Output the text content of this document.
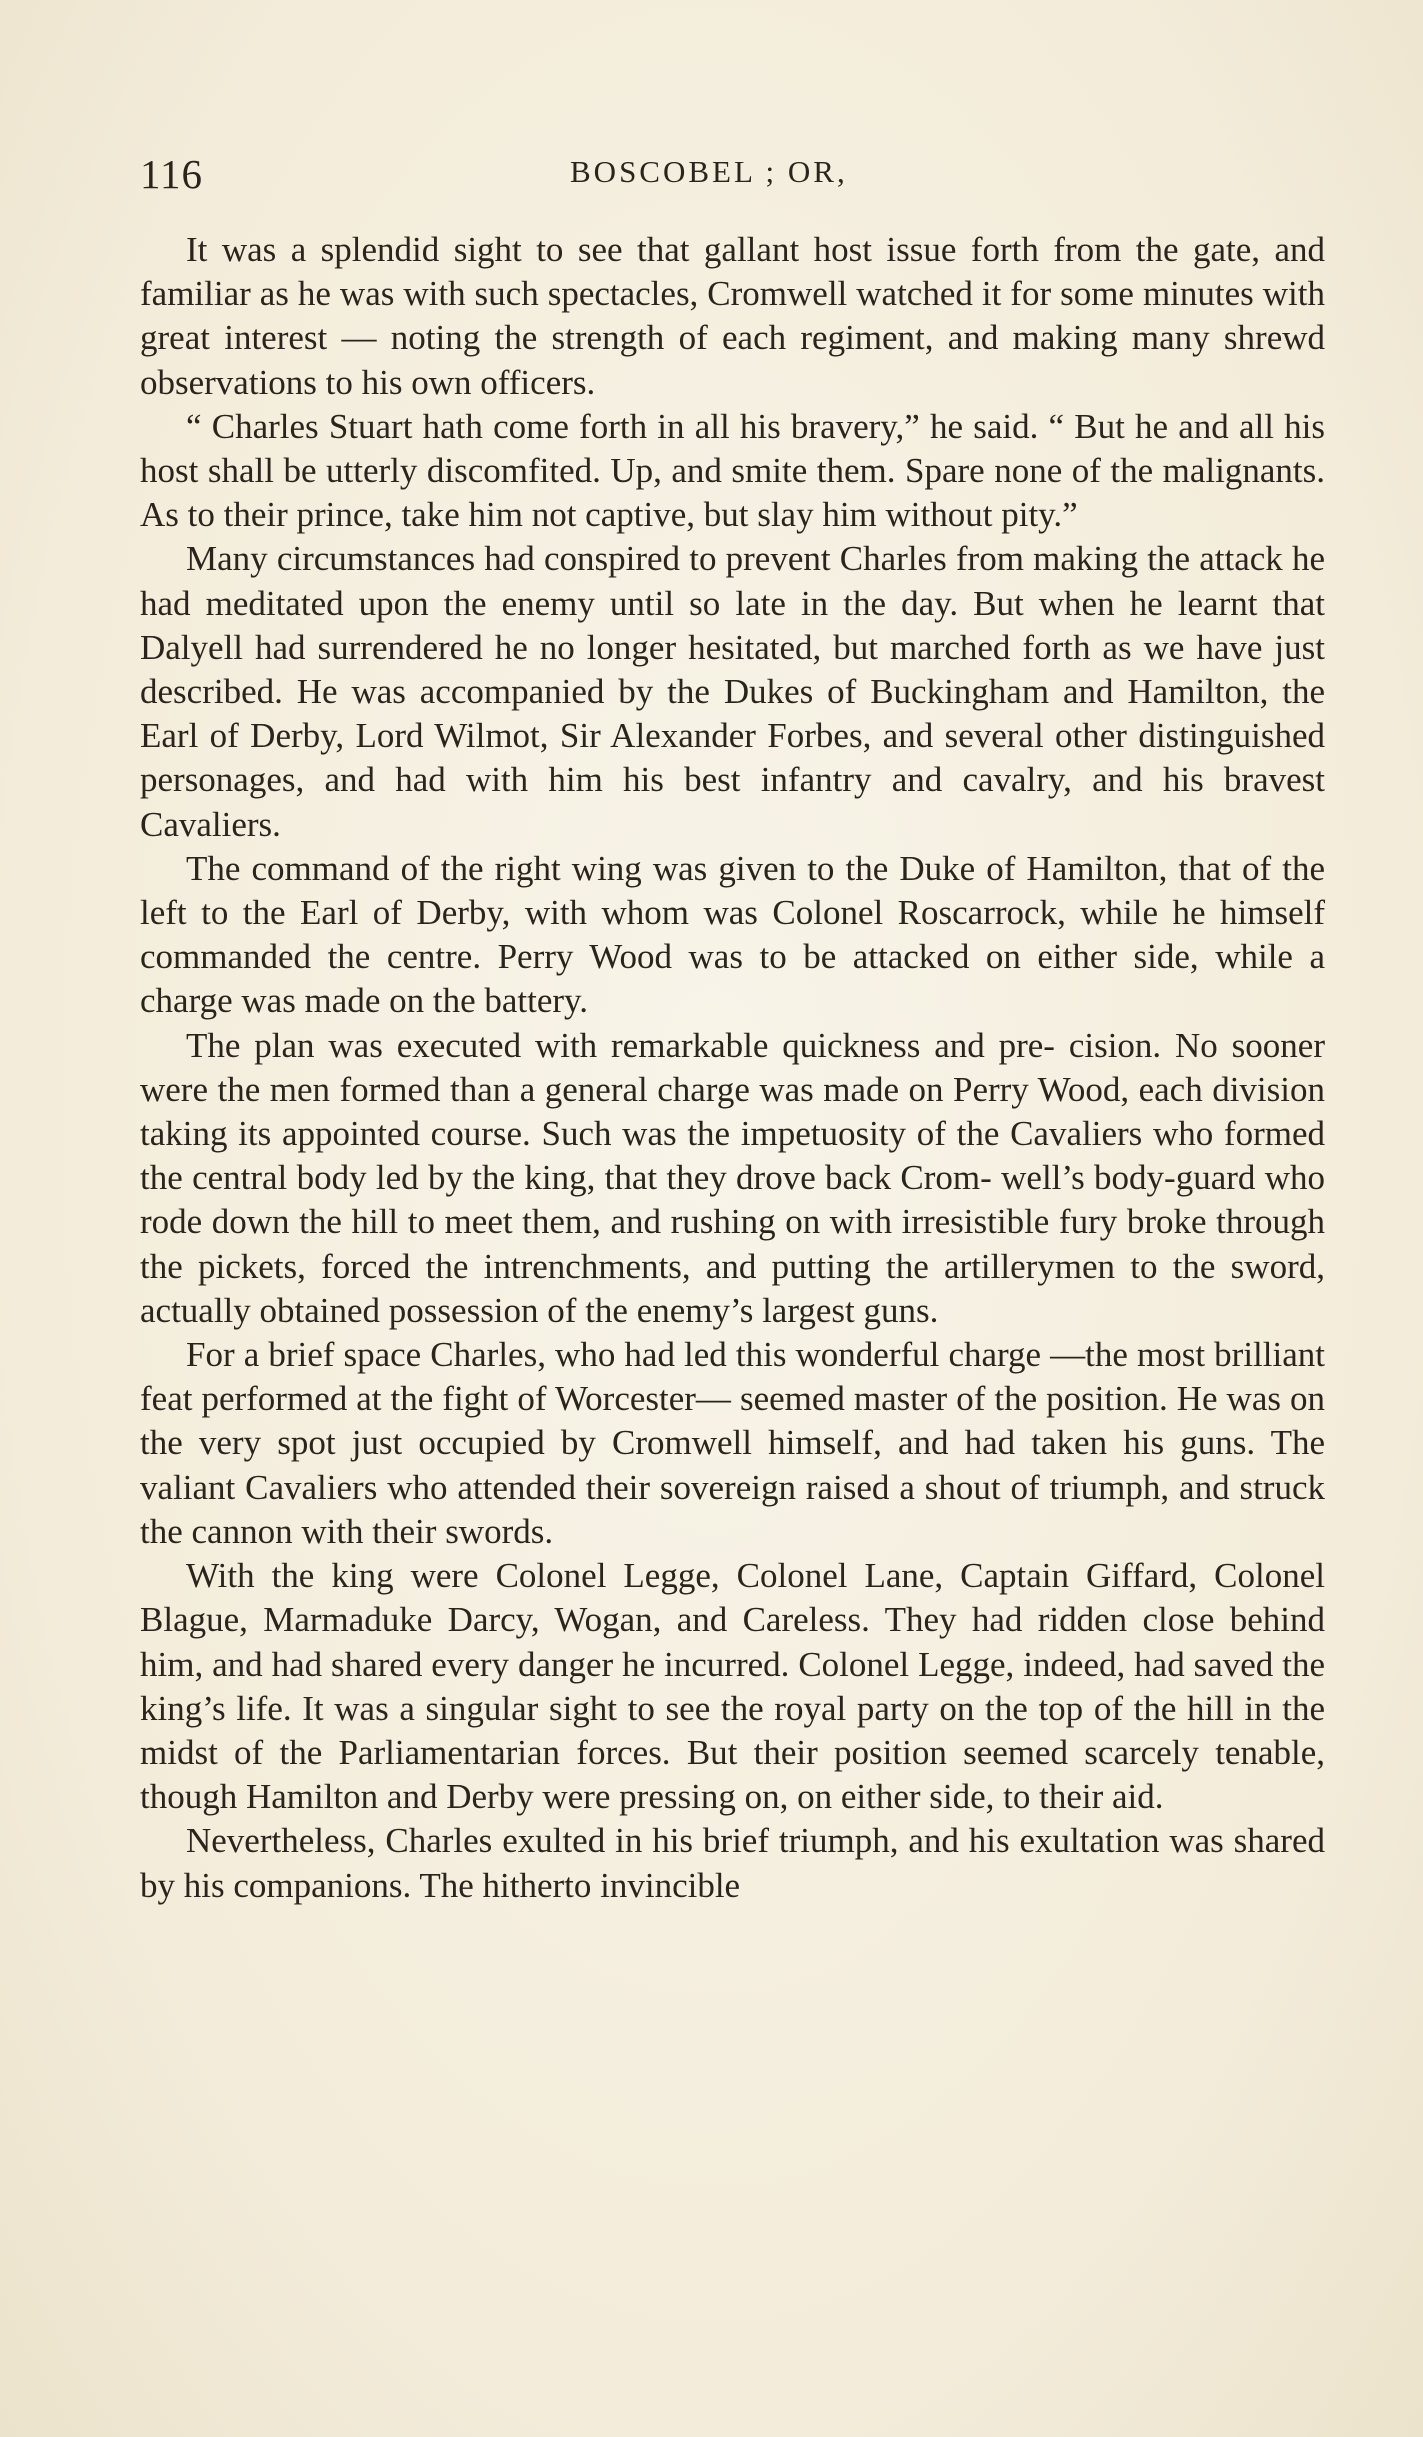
116	BOSCOBEL ; OR,

It was a splendid sight to see that gallant host issue forth from the gate, and familiar as he was with such spectacles, Cromwell watched it for some minutes with great interest — noting the strength of each regiment, and making many shrewd observations to his own officers.

“ Charles Stuart hath come forth in all his bravery,” he said. “ But he and all his host shall be utterly discomfited. Up, and smite them. Spare none of the malignants. As to their prince, take him not captive, but slay him without pity.”

Many circumstances had conspired to prevent Charles from making the attack he had meditated upon the enemy until so late in the day. But when he learnt that Dalyell had surrendered he no longer hesitated, but marched forth as we have just described. He was accompanied by the Dukes of Buckingham and Hamilton, the Earl of Derby, Lord Wilmot, Sir Alexander Forbes, and several other distinguished personages, and had with him his best infantry and cavalry, and his bravest Cavaliers.

The command of the right wing was given to the Duke of Hamilton, that of the left to the Earl of Derby, with whom was Colonel Roscarrock, while he himself commanded the centre. Perry Wood was to be attacked on either side, while a charge was made on the battery.

The plan was executed with remarkable quickness and pre- cision. No sooner were the men formed than a general charge was made on Perry Wood, each division taking its appointed course. Such was the impetuosity of the Cavaliers who formed the central body led by the king, that they drove back Crom- well’s body-guard who rode down the hill to meet them, and rushing on with irresistible fury broke through the pickets, forced the intrenchments, and putting the artillerymen to the sword, actually obtained possession of the enemy’s largest guns.

For a brief space Charles, who had led this wonderful charge —the most brilliant feat performed at the fight of Worcester— seemed master of the position. He was on the very spot just occupied by Cromwell himself, and had taken his guns. The valiant Cavaliers who attended their sovereign raised a shout of triumph, and struck the cannon with their swords.

With the king were Colonel Legge, Colonel Lane, Captain Giffard, Colonel Blague, Marmaduke Darcy, Wogan, and Careless. They had ridden close behind him, and had shared every danger he incurred. Colonel Legge, indeed, had saved the king’s life. It was a singular sight to see the royal party on the top of the hill in the midst of the Parliamentarian forces. But their position seemed scarcely tenable, though Hamilton and Derby were pressing on, on either side, to their aid.

Nevertheless, Charles exulted in his brief triumph, and his exultation was shared by his companions. The hitherto invincible
